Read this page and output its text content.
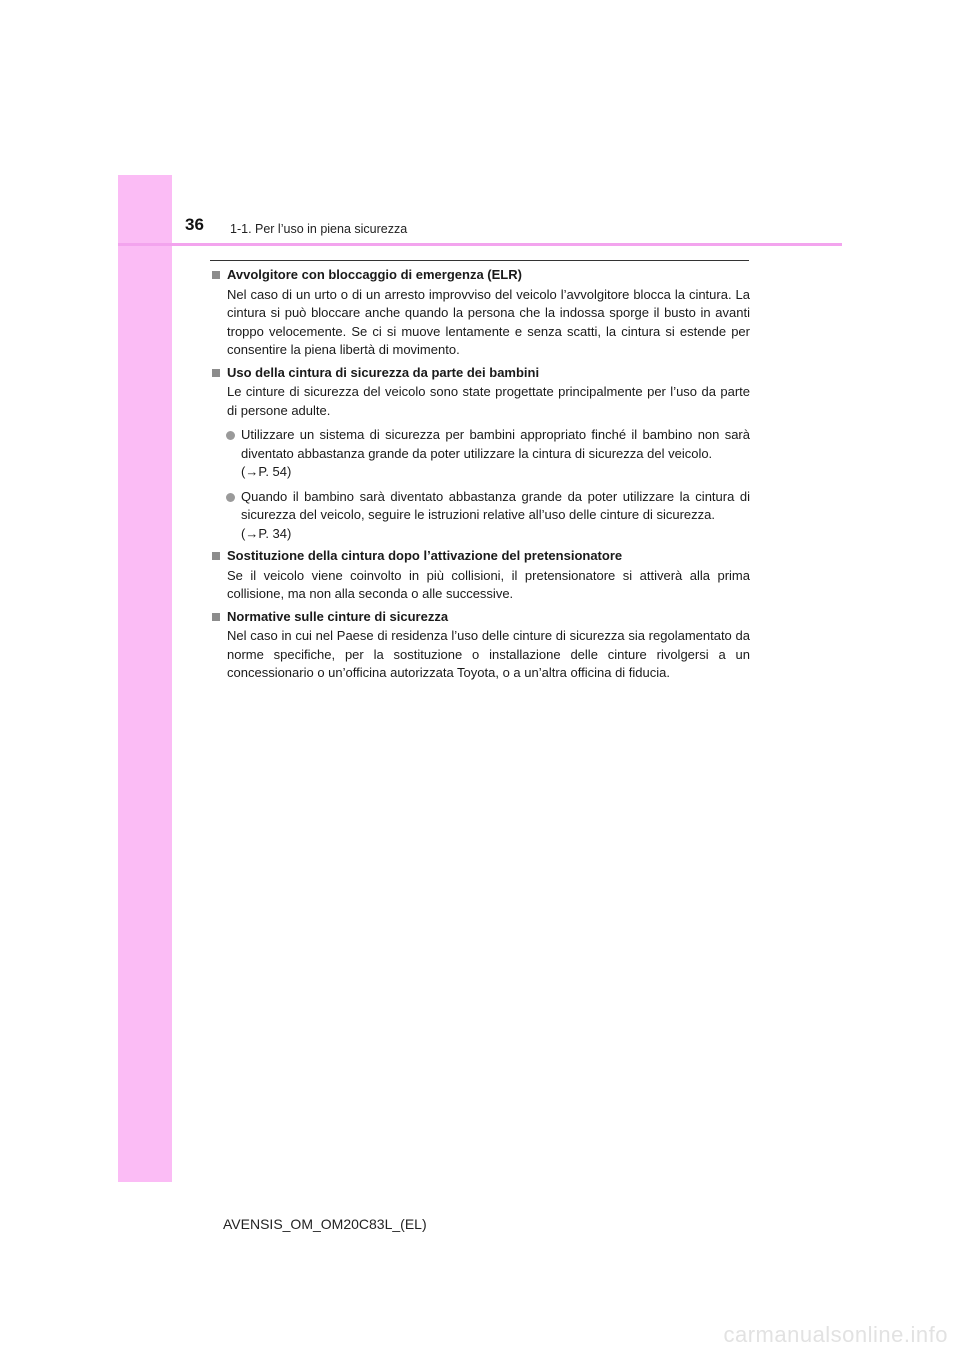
36 1-1. Per l’uso in piena sicurezza
Avvolgitore con bloccaggio di emergenza (ELR)
Nel caso di un urto o di un arresto improvviso del veicolo l’avvolgitore blocca la cintura. La cintura si può bloccare anche quando la persona che la indossa sporge il busto in avanti troppo velocemente. Se ci si muove lentamente e senza scatti, la cintura si estende per consentire la piena libertà di movimento.
Uso della cintura di sicurezza da parte dei bambini
Le cinture di sicurezza del veicolo sono state progettate principalmente per l’uso da parte di persone adulte.
Utilizzare un sistema di sicurezza per bambini appropriato finché il bambino non sarà diventato abbastanza grande da poter utilizzare la cintura di sicurezza del veicolo.
(→P. 54)
Quando il bambino sarà diventato abbastanza grande da poter utilizzare la cintura di sicurezza del veicolo, seguire le istruzioni relative all’uso delle cinture di sicurezza.
(→P. 34)
Sostituzione della cintura dopo l’attivazione del pretensionatore
Se il veicolo viene coinvolto in più collisioni, il pretensionatore si attiverà alla prima collisione, ma non alla seconda o alle successive.
Normative sulle cinture di sicurezza
Nel caso in cui nel Paese di residenza l’uso delle cinture di sicurezza sia regolamentato da norme specifiche, per la sostituzione o installazione delle cinture rivolgersi a un concessionario o un’officina autorizzata Toyota, o a un’altra officina di fiducia.
AVENSIS_OM_OM20C83L_(EL)
carmanualsonline.info
